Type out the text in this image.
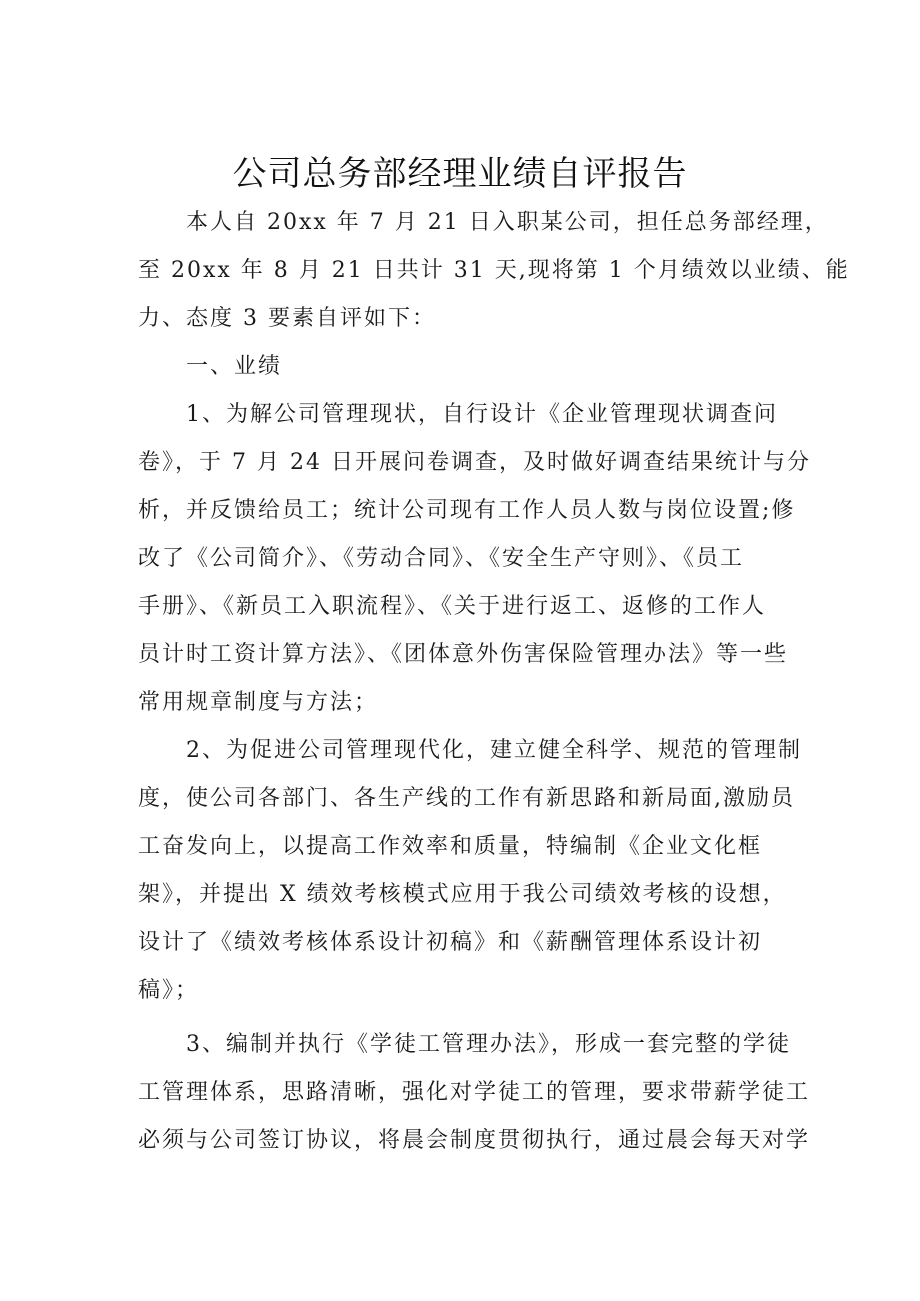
公司总务部经理业绩自评报告

本人自 20xx 年 7 月 21 日入职某公司，担任总务部经理，

至 20xx 年 8 月 21 日共计 31 天,现将第 1 个月绩效以业绩、能

力、态度 3 要素自评如下：

一、业绩

1、为解公司管理现状，自行设计《企业管理现状调查问

卷》，于 7 月 24 日开展问卷调查，及时做好调查结果统计与分

析，并反馈给员工；统计公司现有工作人员人数与岗位设置;修

改了《公司简介》、《劳动合同》、《安全生产守则》、《员工

手册》、《新员工入职流程》、《关于进行返工、返修的工作人

员计时工资计算方法》、《团体意外伤害保险管理办法》等一些

常用规章制度与方法；

2、为促进公司管理现代化，建立健全科学、规范的管理制

度，使公司各部门、各生产线的工作有新思路和新局面,激励员

工奋发向上，以提高工作效率和质量，特编制《企业文化框

架》，并提出 X 绩效考核模式应用于我公司绩效考核的设想，

设计了《绩效考核体系设计初稿》和《薪酬管理体系设计初

稿》；

3、编制并执行《学徒工管理办法》，形成一套完整的学徒

工管理体系，思路清晰，强化对学徒工的管理，要求带薪学徒工

必须与公司签订协议，将晨会制度贯彻执行，通过晨会每天对学
